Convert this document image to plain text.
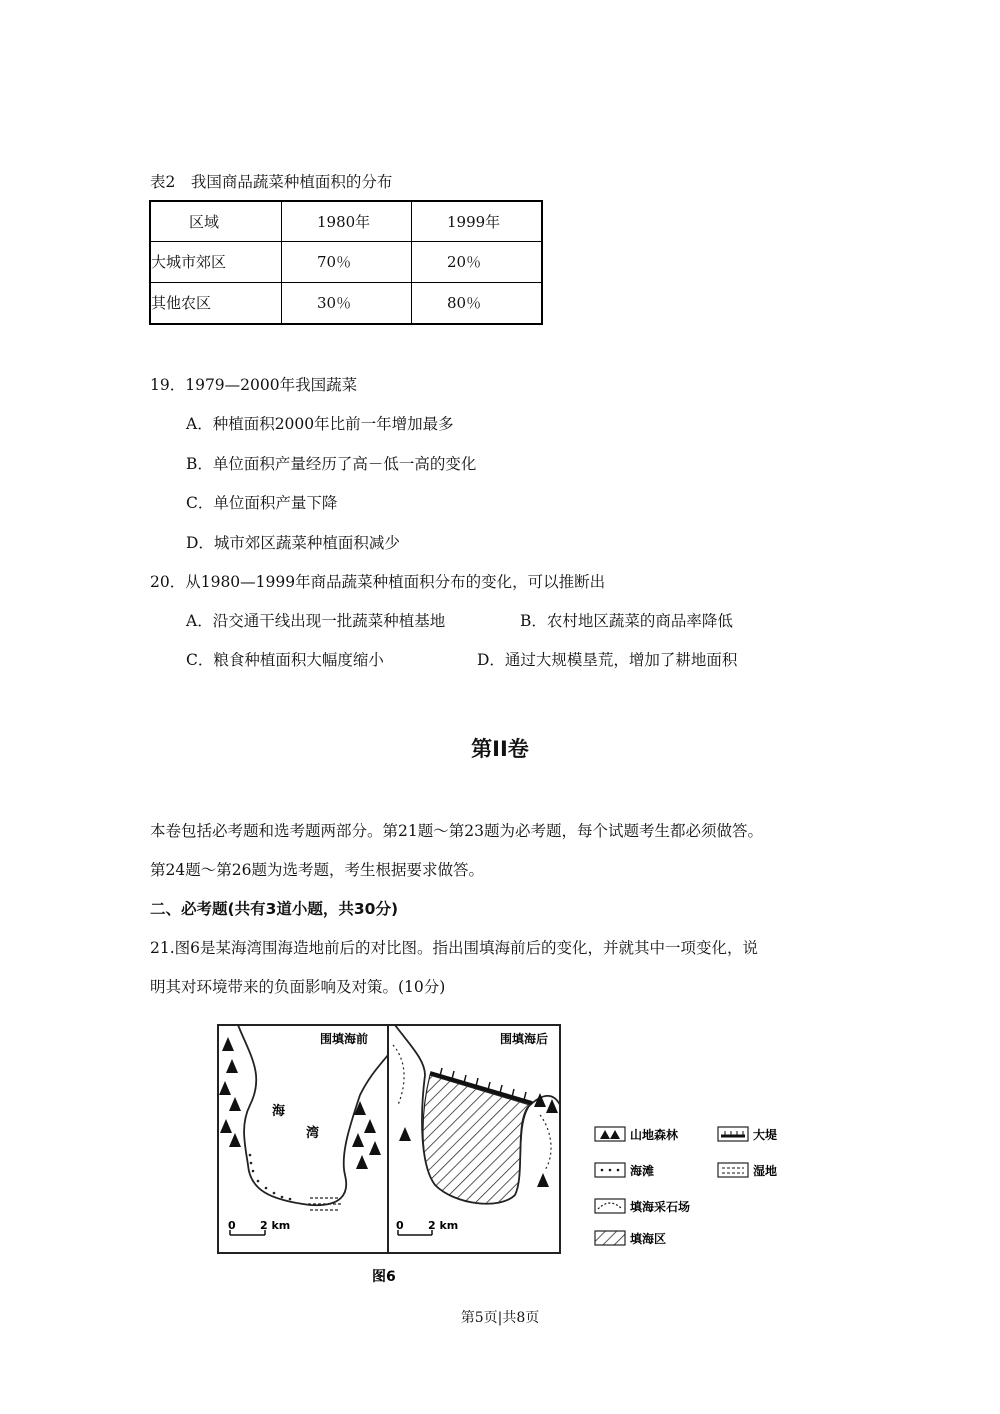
表2　我国商品蔬菜种植面积的分布
区域	1980年	1999年
大城市郊区	70％	20％
其他农区	30％	80％
19．1979—2000年我国蔬菜
A．种植面积2000年比前一年增加最多
B．单位面积产量经历了高－低一高的变化
C．单位面积产量下降
D．城市郊区蔬菜种植面积减少
20．从1980—1999年商品蔬菜种植面积分布的变化，可以推断出
A．沿交通干线出现一批蔬菜种植基地	B．农村地区蔬菜的商品率降低
C．粮食种植面积大幅度缩小	D．通过大规模垦荒，增加了耕地面积
第II卷
本卷包括必考题和选考题两部分。第21题～第23题为必考题，每个试题考生都必须做答。
第24题～第26题为选考题，考生根据要求做答。
二、必考题(共有3道小题，共30分)
21.图6是某海湾围海造地前后的对比图。指出围填海前后的变化，并就其中一项变化，说
明其对环境带来的负面影响及对策。(10分)
围填海前	围填海后
海
湾
0 2 km	0 2 km
图6
山地森林	大堤
海滩	湿地
填海采石场
填海区
第5页|共8页
